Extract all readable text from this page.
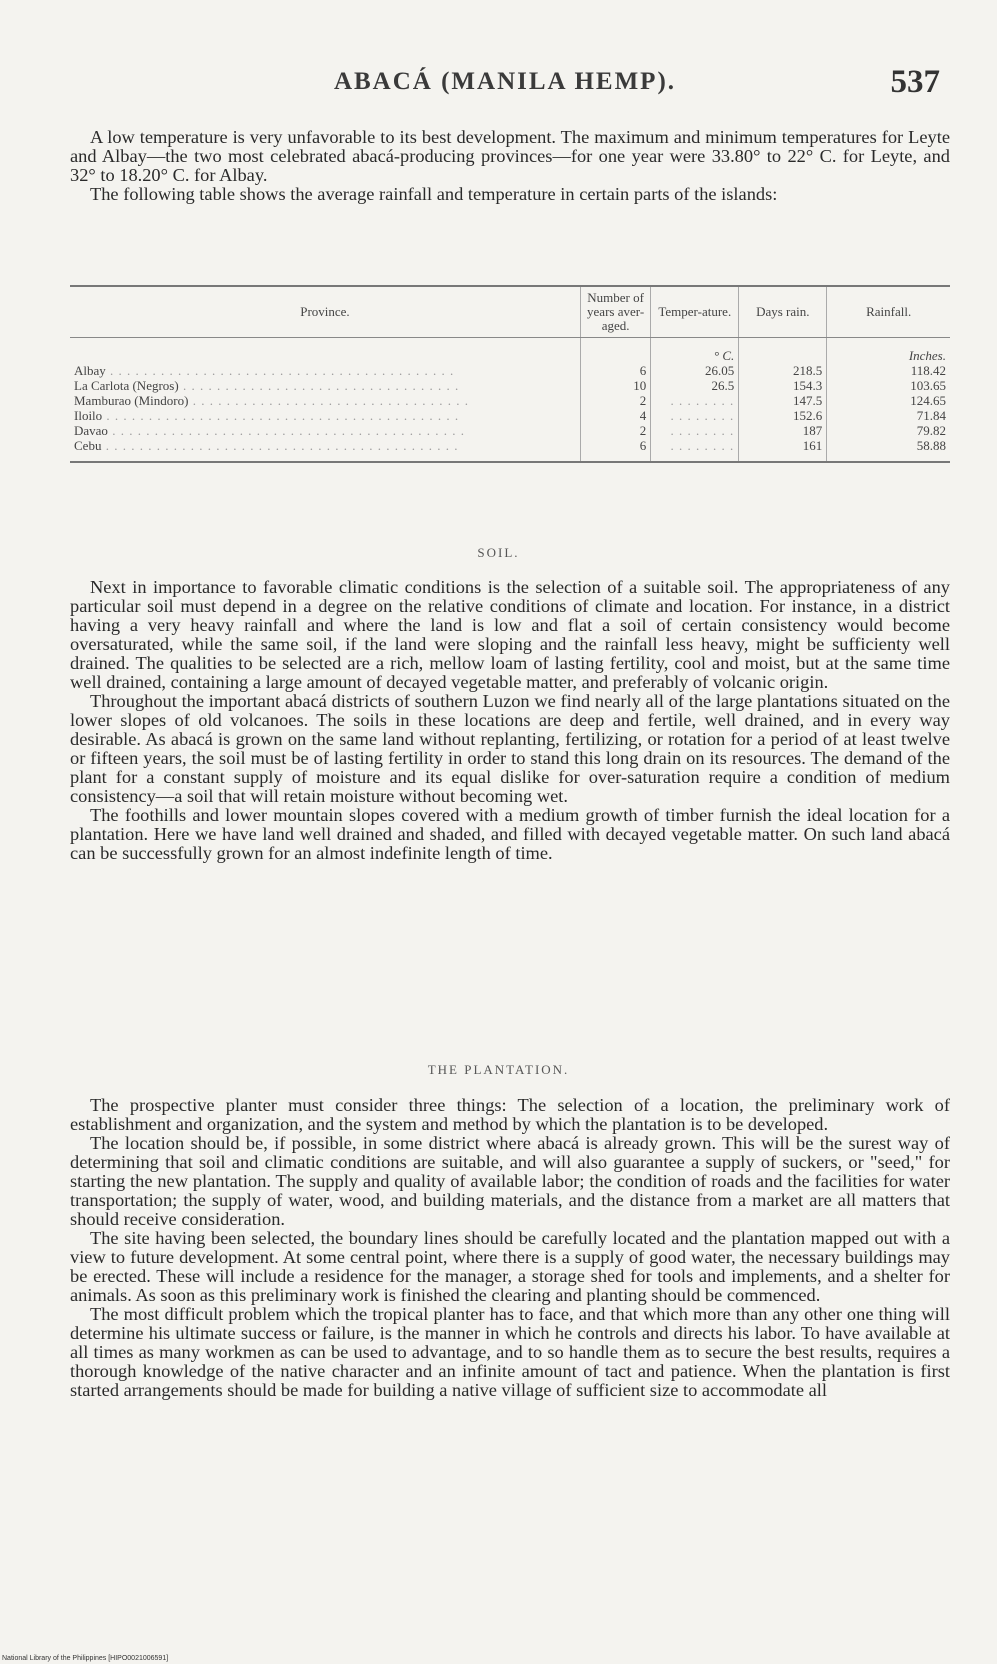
ABACÁ (MANILA HEMP).	537

A low temperature is very unfavorable to its best development. The maximum and minimum temperatures for Leyte and Albay—the two most celebrated abacá-producing provinces—for one year were 33.80° to 22° C. for Leyte, and 32° to 18.20° C. for Albay.

The following table shows the average rainfall and temperature in certain parts of the islands:

Province.	Number of years aver-aged.	Temper-ature.	Days rain.	Rainfall.
		° C.		Inches.
Albay . . . . . . . . . . . . . . . . . . . . . . . . . . . . . . . . . . . . . . . . .	6	26.05	218.5	118.42
La Carlota (Negros) . . . . . . . . . . . . . . . . . . . . . . . . . . . . . . . . .	10	26.5	154.3	103.65
Mamburao (Mindoro) . . . . . . . . . . . . . . . . . . . . . . . . . . . . . . . . .	2	. . . . . . . .	147.5	124.65
Iloilo . . . . . . . . . . . . . . . . . . . . . . . . . . . . . . . . . . . . . . . . . .	4	. . . . . . . .	152.6	71.84
Davao . . . . . . . . . . . . . . . . . . . . . . . . . . . . . . . . . . . . . . . . . .	2	. . . . . . . .	187	79.82
Cebu . . . . . . . . . . . . . . . . . . . . . . . . . . . . . . . . . . . . . . . . . .	6	. . . . . . . .	161	58.88
SOIL.

Next in importance to favorable climatic conditions is the selection of a suitable soil. The appropriateness of any particular soil must depend in a degree on the relative conditions of climate and location. For instance, in a district having a very heavy rainfall and where the land is low and flat a soil of certain consistency would become oversaturated, while the same soil, if the land were sloping and the rainfall less heavy, might be sufficienty well drained. The qualities to be selected are a rich, mellow loam of lasting fertility, cool and moist, but at the same time well drained, containing a large amount of decayed vegetable matter, and preferably of volcanic origin.

Throughout the important abacá districts of southern Luzon we find nearly all of the large plantations situated on the lower slopes of old volcanoes. The soils in these locations are deep and fertile, well drained, and in every way desirable. As abacá is grown on the same land without replanting, fertilizing, or rotation for a period of at least twelve or fifteen years, the soil must be of lasting fertility in order to stand this long drain on its resources. The demand of the plant for a constant supply of moisture and its equal dislike for over-saturation require a condition of medium consistency—a soil that will retain moisture without becoming wet.

The foothills and lower mountain slopes covered with a medium growth of timber furnish the ideal location for a plantation. Here we have land well drained and shaded, and filled with decayed vegetable matter. On such land abacá can be successfully grown for an almost indefinite length of time.

THE PLANTATION.

The prospective planter must consider three things: The selection of a location, the preliminary work of establishment and organization, and the system and method by which the plantation is to be developed.

The location should be, if possible, in some district where abacá is already grown. This will be the surest way of determining that soil and climatic conditions are suitable, and will also guarantee a supply of suckers, or "seed," for starting the new plantation. The supply and quality of available labor; the condition of roads and the facilities for water transportation; the supply of water, wood, and building materials, and the distance from a market are all matters that should receive consideration.

The site having been selected, the boundary lines should be carefully located and the plantation mapped out with a view to future development. At some central point, where there is a supply of good water, the necessary buildings may be erected. These will include a residence for the manager, a storage shed for tools and implements, and a shelter for animals. As soon as this preliminary work is finished the clearing and planting should be commenced.

The most difficult problem which the tropical planter has to face, and that which more than any other one thing will determine his ultimate success or failure, is the manner in which he controls and directs his labor. To have available at all times as many workmen as can be used to advantage, and to so handle them as to secure the best results, requires a thorough knowledge of the native character and an infinite amount of tact and patience. When the plantation is first started arrangements should be made for building a native village of sufficient size to accommodate all

National Library of the Philippines [HIPO0021006591]
